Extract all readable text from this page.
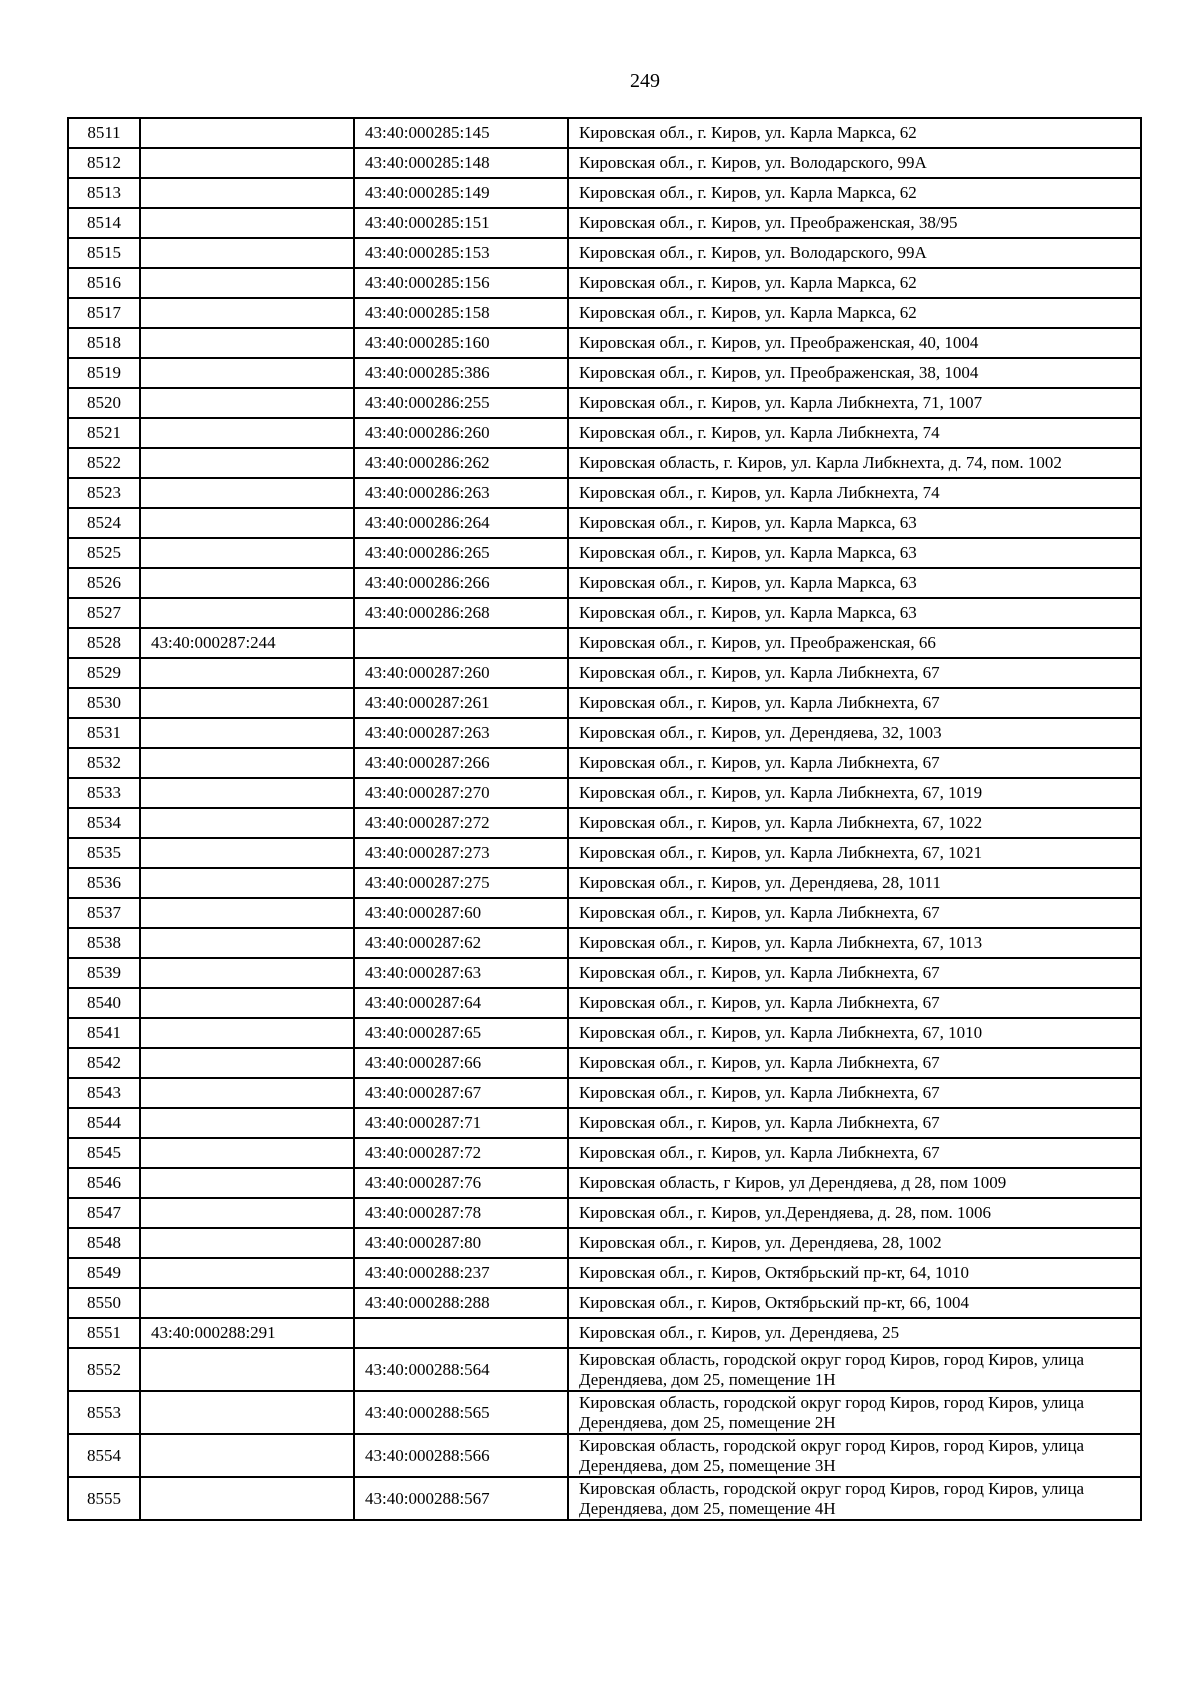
249
8511		43:40:000285:145	Кировская обл., г. Киров, ул. Карла Маркса, 62
8512		43:40:000285:148	Кировская обл., г. Киров, ул. Володарского, 99А
8513		43:40:000285:149	Кировская обл., г. Киров, ул. Карла Маркса, 62
8514		43:40:000285:151	Кировская обл., г. Киров, ул. Преображенская, 38/95
8515		43:40:000285:153	Кировская обл., г. Киров, ул. Володарского, 99А
8516		43:40:000285:156	Кировская обл., г. Киров, ул. Карла Маркса, 62
8517		43:40:000285:158	Кировская обл., г. Киров, ул. Карла Маркса, 62
8518		43:40:000285:160	Кировская обл., г. Киров, ул. Преображенская, 40, 1004
8519		43:40:000285:386	Кировская обл., г. Киров, ул. Преображенская, 38, 1004
8520		43:40:000286:255	Кировская обл., г. Киров, ул. Карла Либкнехта, 71, 1007
8521		43:40:000286:260	Кировская обл., г. Киров, ул. Карла Либкнехта, 74
8522		43:40:000286:262	Кировская область, г. Киров, ул. Карла Либкнехта, д. 74, пом. 1002
8523		43:40:000286:263	Кировская обл., г. Киров, ул. Карла Либкнехта, 74
8524		43:40:000286:264	Кировская обл., г. Киров, ул. Карла Маркса, 63
8525		43:40:000286:265	Кировская обл., г. Киров, ул. Карла Маркса, 63
8526		43:40:000286:266	Кировская обл., г. Киров, ул. Карла Маркса, 63
8527		43:40:000286:268	Кировская обл., г. Киров, ул. Карла Маркса, 63
8528	43:40:000287:244		Кировская обл., г. Киров, ул. Преображенская, 66
8529		43:40:000287:260	Кировская обл., г. Киров, ул. Карла Либкнехта, 67
8530		43:40:000287:261	Кировская обл., г. Киров, ул. Карла Либкнехта, 67
8531		43:40:000287:263	Кировская обл., г. Киров, ул. Дерендяева, 32, 1003
8532		43:40:000287:266	Кировская обл., г. Киров, ул. Карла Либкнехта, 67
8533		43:40:000287:270	Кировская обл., г. Киров, ул. Карла Либкнехта, 67, 1019
8534		43:40:000287:272	Кировская обл., г. Киров, ул. Карла Либкнехта, 67, 1022
8535		43:40:000287:273	Кировская обл., г. Киров, ул. Карла Либкнехта, 67, 1021
8536		43:40:000287:275	Кировская обл., г. Киров, ул. Дерендяева, 28, 1011
8537		43:40:000287:60	Кировская обл., г. Киров, ул. Карла Либкнехта, 67
8538		43:40:000287:62	Кировская обл., г. Киров, ул. Карла Либкнехта, 67, 1013
8539		43:40:000287:63	Кировская обл., г. Киров, ул. Карла Либкнехта, 67
8540		43:40:000287:64	Кировская обл., г. Киров, ул. Карла Либкнехта, 67
8541		43:40:000287:65	Кировская обл., г. Киров, ул. Карла Либкнехта, 67, 1010
8542		43:40:000287:66	Кировская обл., г. Киров, ул. Карла Либкнехта, 67
8543		43:40:000287:67	Кировская обл., г. Киров, ул. Карла Либкнехта, 67
8544		43:40:000287:71	Кировская обл., г. Киров, ул. Карла Либкнехта, 67
8545		43:40:000287:72	Кировская обл., г. Киров, ул. Карла Либкнехта, 67
8546		43:40:000287:76	Кировская область, г Киров, ул Дерендяева, д 28, пом 1009
8547		43:40:000287:78	Кировская обл., г. Киров, ул.Дерендяева, д. 28, пом. 1006
8548		43:40:000287:80	Кировская обл., г. Киров, ул. Дерендяева, 28, 1002
8549		43:40:000288:237	Кировская обл., г. Киров, Октябрьский пр-кт, 64, 1010
8550		43:40:000288:288	Кировская обл., г. Киров, Октябрьский пр-кт, 66, 1004
8551	43:40:000288:291		Кировская обл., г. Киров, ул. Дерендяева, 25
8552		43:40:000288:564	Кировская область, городской округ город Киров, город Киров, улица Дерендяева, дом 25, помещение 1Н
8553		43:40:000288:565	Кировская область, городской округ город Киров, город Киров, улица Дерендяева, дом 25, помещение 2Н
8554		43:40:000288:566	Кировская область, городской округ город Киров, город Киров, улица Дерендяева, дом 25, помещение 3Н
8555		43:40:000288:567	Кировская область, городской округ город Киров, город Киров, улица Дерендяева, дом 25, помещение 4Н
